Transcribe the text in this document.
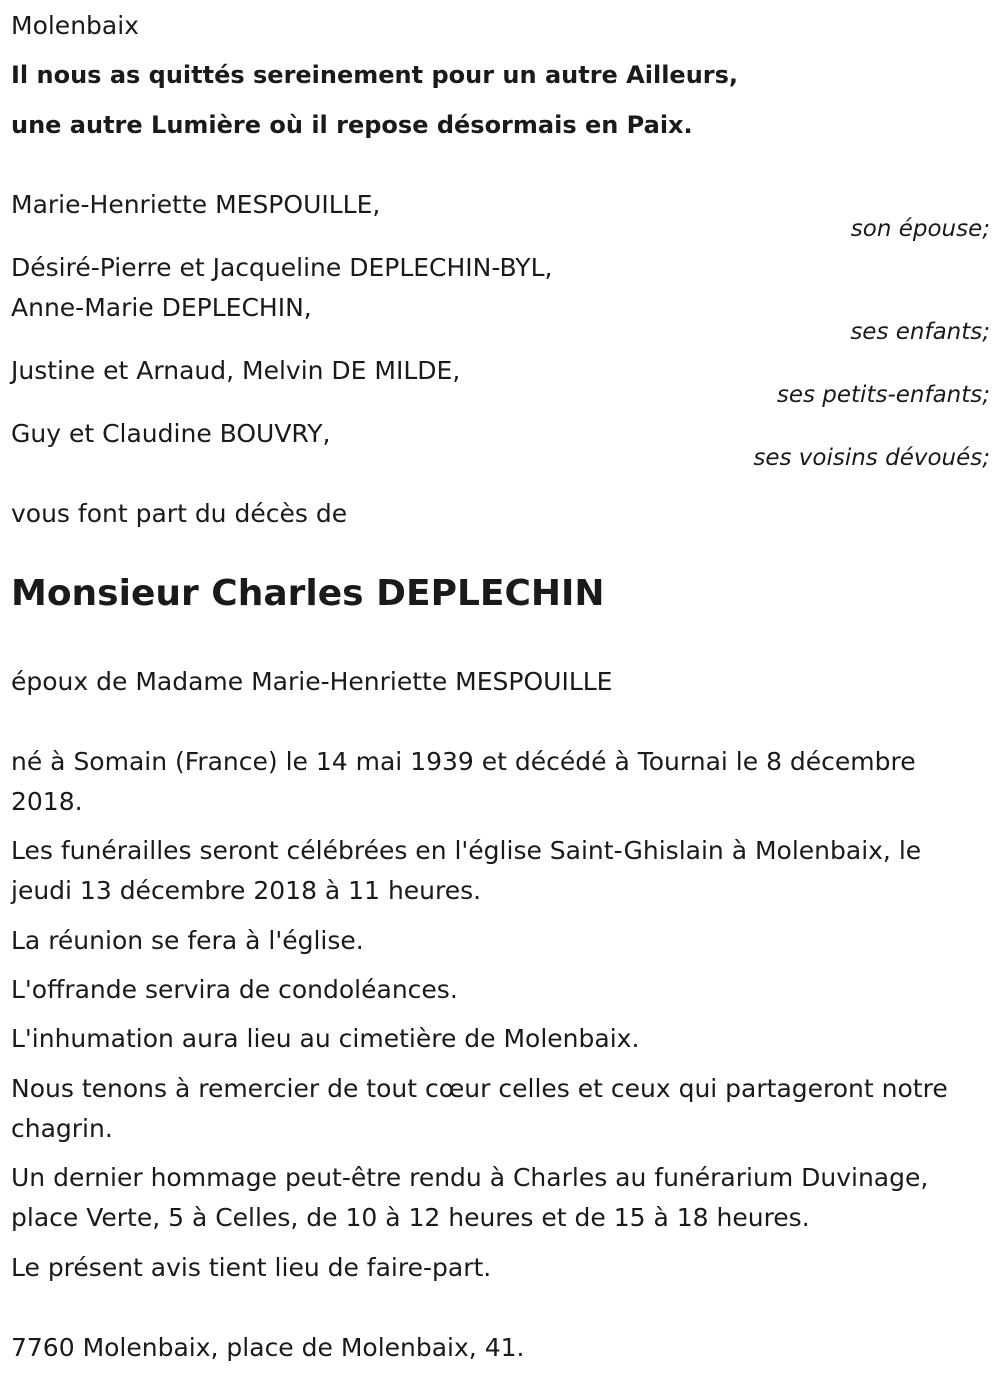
Molenbaix
Il nous as quittés sereinement pour un autre Ailleurs,
une autre Lumière où il repose désormais en Paix.
Marie-Henriette MESPOUILLE,
son épouse;
Désiré-Pierre et Jacqueline DEPLECHIN-BYL,
Anne-Marie DEPLECHIN,
ses enfants;
Justine et Arnaud, Melvin DE MILDE,
ses petits-enfants;
Guy et Claudine BOUVRY,
ses voisins dévoués;
vous font part du décès de
Monsieur Charles DEPLECHIN
époux de Madame Marie-Henriette MESPOUILLE
né à Somain (France) le 14 mai 1939 et décédé à Tournai le 8 décembre 2018.
Les funérailles seront célébrées en l'église Saint-Ghislain à Molenbaix, le jeudi 13 décembre 2018 à 11 heures.
La réunion se fera à l'église.
L'offrande servira de condoléances.
L'inhumation aura lieu au cimetière de Molenbaix.
Nous tenons à remercier de tout cœur celles et ceux qui partageront notre chagrin.
Un dernier hommage peut-être rendu à Charles au funérarium Duvinage, place Verte, 5 à Celles, de 10 à 12 heures et de 15 à 18 heures.
Le présent avis tient lieu de faire-part.
7760 Molenbaix, place de Molenbaix, 41.
